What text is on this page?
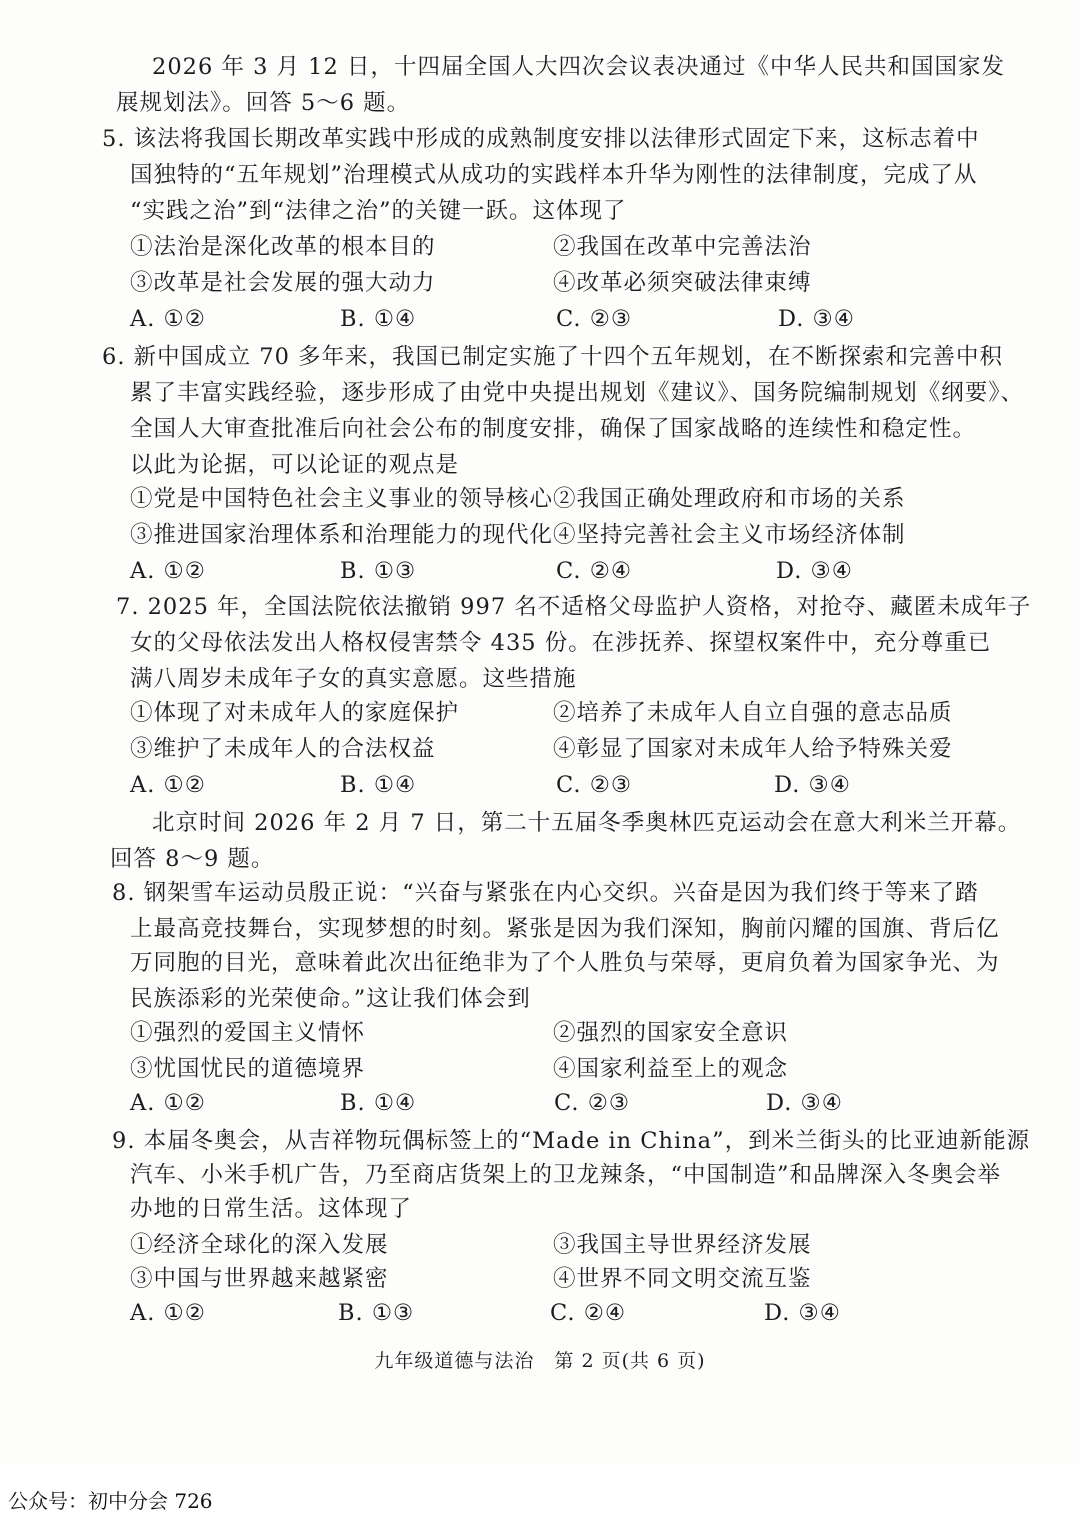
2026 年 3 月 12 日，十四届全国人大四次会议表决通过《中华人民共和国国家发
展规划法》。回答 5～6 题。
5. 该法将我国长期改革实践中形成的成熟制度安排以法律形式固定下来，这标志着中
国独特的“五年规划”治理模式从成功的实践样本升华为刚性的法律制度，完成了从
“实践之治”到“法律之治”的关键一跃。这体现了
①法治是深化改革的根本目的	②我国在改革中完善法治
③改革是社会发展的强大动力	④改革必须突破法律束缚
A. ①②	B. ①④	C. ②③	D. ③④
6. 新中国成立 70 多年来，我国已制定实施了十四个五年规划，在不断探索和完善中积
累了丰富实践经验，逐步形成了由党中央提出规划《建议》、国务院编制规划《纲要》、
全国人大审查批准后向社会公布的制度安排，确保了国家战略的连续性和稳定性。
以此为论据，可以论证的观点是
①党是中国特色社会主义事业的领导核心 ②我国正确处理政府和市场的关系
③推进国家治理体系和治理能力的现代化 ④坚持完善社会主义市场经济体制
A. ①②	B. ①③	C. ②④	D. ③④
7. 2025 年，全国法院依法撤销 997 名不适格父母监护人资格，对抢夺、藏匿未成年子
女的父母依法发出人格权侵害禁令 435 份。在涉抚养、探望权案件中，充分尊重已
满八周岁未成年子女的真实意愿。这些措施
①体现了对未成年人的家庭保护	②培养了未成年人自立自强的意志品质
③维护了未成年人的合法权益	④彰显了国家对未成年人给予特殊关爱
A. ①②	B. ①④	C. ②③	D. ③④
北京时间 2026 年 2 月 7 日，第二十五届冬季奥林匹克运动会在意大利米兰开幕。
回答 8～9 题。
8. 钢架雪车运动员殷正说：“兴奋与紧张在内心交织。兴奋是因为我们终于等来了踏
上最高竞技舞台，实现梦想的时刻。紧张是因为我们深知，胸前闪耀的国旗、背后亿
万同胞的目光，意味着此次出征绝非为了个人胜负与荣辱，更肩负着为国家争光、为
民族添彩的光荣使命。”这让我们体会到
①强烈的爱国主义情怀	②强烈的国家安全意识
③忧国忧民的道德境界	④国家利益至上的观念
A. ①②	B. ①④	C. ②③	D. ③④
9. 本届冬奥会，从吉祥物玩偶标签上的“Made in China”，到米兰街头的比亚迪新能源
汽车、小米手机广告，乃至商店货架上的卫龙辣条，“中国制造”和品牌深入冬奥会举
办地的日常生活。这体现了
①经济全球化的深入发展	③我国主导世界经济发展
③中国与世界越来越紧密	④世界不同文明交流互鉴
A. ①②	B. ①③	C. ②④	D. ③④
九年级道德与法治　第 2 页(共 6 页)
公众号：初中分会 726
